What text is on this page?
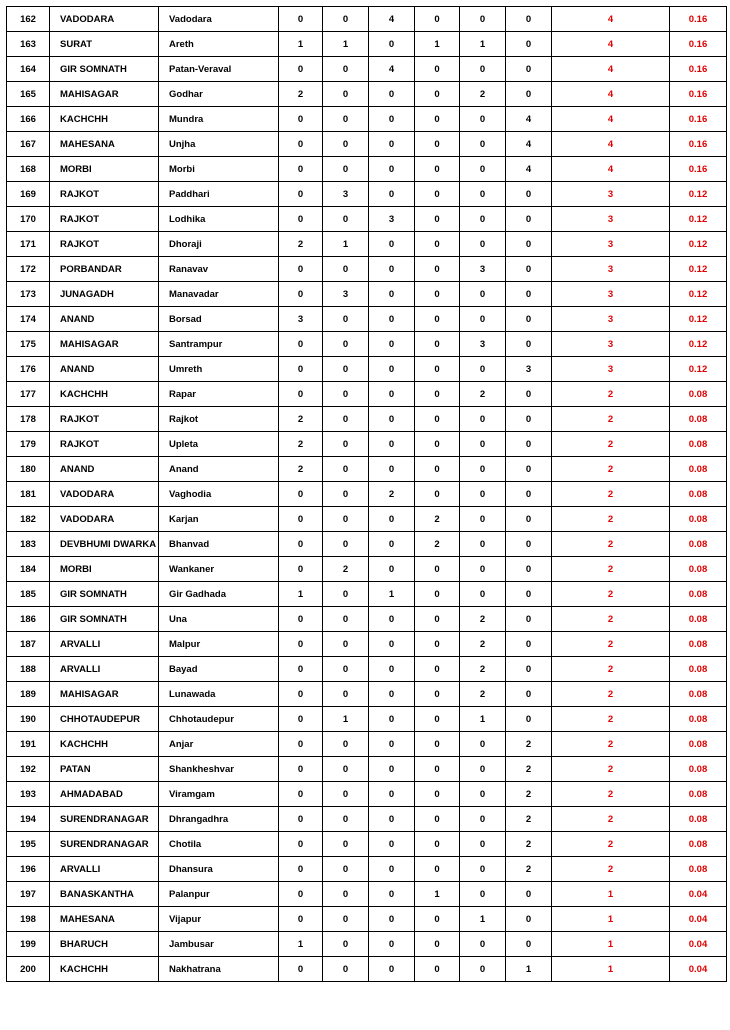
162	VADODARA	Vadodara	0	0	4	0	0	0	4	0.16
163	SURAT	Areth	1	1	0	1	1	0	4	0.16
164	GIR SOMNATH	Patan-Veraval	0	0	4	0	0	0	4	0.16
165	MAHISAGAR	Godhar	2	0	0	0	2	0	4	0.16
166	KACHCHH	Mundra	0	0	0	0	0	4	4	0.16
167	MAHESANA	Unjha	0	0	0	0	0	4	4	0.16
168	MORBI	Morbi	0	0	0	0	0	4	4	0.16
169	RAJKOT	Paddhari	0	3	0	0	0	0	3	0.12
170	RAJKOT	Lodhika	0	0	3	0	0	0	3	0.12
171	RAJKOT	Dhoraji	2	1	0	0	0	0	3	0.12
172	PORBANDAR	Ranavav	0	0	0	0	3	0	3	0.12
173	JUNAGADH	Manavadar	0	3	0	0	0	0	3	0.12
174	ANAND	Borsad	3	0	0	0	0	0	3	0.12
175	MAHISAGAR	Santrampur	0	0	0	0	3	0	3	0.12
176	ANAND	Umreth	0	0	0	0	0	3	3	0.12
177	KACHCHH	Rapar	0	0	0	0	2	0	2	0.08
178	RAJKOT	Rajkot	2	0	0	0	0	0	2	0.08
179	RAJKOT	Upleta	2	0	0	0	0	0	2	0.08
180	ANAND	Anand	2	0	0	0	0	0	2	0.08
181	VADODARA	Vaghodia	0	0	2	0	0	0	2	0.08
182	VADODARA	Karjan	0	0	0	2	0	0	2	0.08
183	DEVBHUMI DWARKA	Bhanvad	0	0	0	2	0	0	2	0.08
184	MORBI	Wankaner	0	2	0	0	0	0	2	0.08
185	GIR SOMNATH	Gir Gadhada	1	0	1	0	0	0	2	0.08
186	GIR SOMNATH	Una	0	0	0	0	2	0	2	0.08
187	ARVALLI	Malpur	0	0	0	0	2	0	2	0.08
188	ARVALLI	Bayad	0	0	0	0	2	0	2	0.08
189	MAHISAGAR	Lunawada	0	0	0	0	2	0	2	0.08
190	CHHOTAUDEPUR	Chhotaudepur	0	1	0	0	1	0	2	0.08
191	KACHCHH	Anjar	0	0	0	0	0	2	2	0.08
192	PATAN	Shankheshvar	0	0	0	0	0	2	2	0.08
193	AHMADABAD	Viramgam	0	0	0	0	0	2	2	0.08
194	SURENDRANAGAR	Dhrangadhra	0	0	0	0	0	2	2	0.08
195	SURENDRANAGAR	Chotila	0	0	0	0	0	2	2	0.08
196	ARVALLI	Dhansura	0	0	0	0	0	2	2	0.08
197	BANASKANTHA	Palanpur	0	0	0	1	0	0	1	0.04
198	MAHESANA	Vijapur	0	0	0	0	1	0	1	0.04
199	BHARUCH	Jambusar	1	0	0	0	0	0	1	0.04
200	KACHCHH	Nakhatrana	0	0	0	0	0	1	1	0.04
